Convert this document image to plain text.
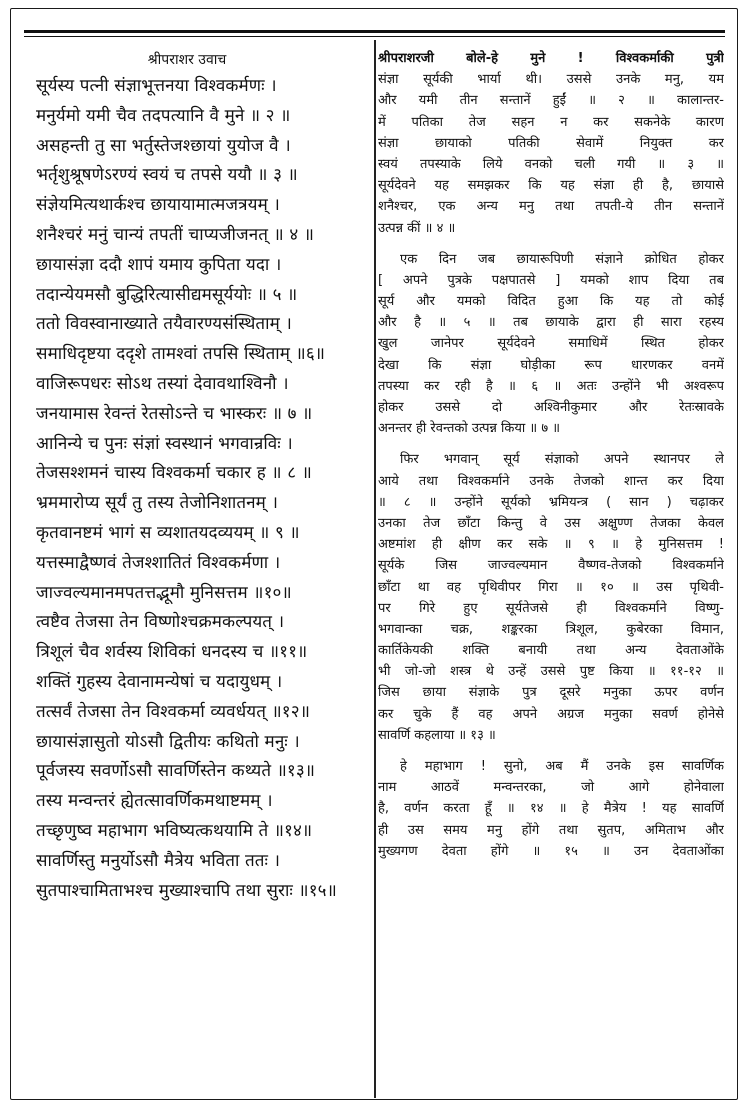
श्रीपराशर उवाच
सूर्यस्य पत्नी संज्ञाभूत्तनया विश्वकर्मणः ।
मनुर्यमो यमी चैव तदपत्यानि वै मुने ॥ २ ॥
असहन्ती तु सा भर्तुस्तेजश्छायां युयोज वै ।
भर्तृशुश्रूषणेऽरण्यं स्वयं च तपसे ययौ ॥ ३ ॥
संज्ञेयमित्यथार्कश्च छायायामात्मजत्रयम् ।
शनैश्चरं मनुं चान्यं तपतीं चाप्यजीजनत् ॥ ४ ॥
छायासंज्ञा ददौ शापं यमाय कुपिता यदा ।
तदान्येयमसौ बुद्धिरित्यासीद्यमसूर्ययोः ॥ ५ ॥
ततो विवस्वानाख्याते तयैवारण्यसंस्थिताम् ।
समाधिदृष्टया ददृशे तामश्वां तपसि स्थिताम् ॥६॥
वाजिरूपधरः सोऽथ तस्यां देवावथाश्विनौ ।
जनयामास रेवन्तं रेतसोऽन्ते च भास्करः ॥ ७ ॥
आनिन्ये च पुनः संज्ञां स्वस्थानं भगवान्रविः ।
तेजसश्शमनं चास्य विश्वकर्मा चकार ह ॥ ८ ॥
भ्रममारोप्य सूर्यं तु तस्य तेजोनिशातनम् ।
कृतवानष्टमं भागं स व्यशातयदव्ययम् ॥ ९ ॥
यत्तस्माद्वैष्णवं तेजश्शातितं विश्वकर्मणा ।
जाज्वल्यमानमपतत्तद्भूमौ मुनिसत्तम ॥१०॥
त्वष्टैव तेजसा तेन विष्णोश्चक्रमकल्पयत् ।
त्रिशूलं चैव शर्वस्य शिविकां धनदस्य च ॥११॥
शक्तिं गुहस्य देवानामन्येषां च यदायुधम् ।
तत्सर्वं तेजसा तेन विश्वकर्मा व्यवर्धयत् ॥१२॥
छायासंज्ञासुतो योऽसौ द्वितीयः कथितो मनुः ।
पूर्वजस्य सवर्णोऽसौ सावर्णिस्तेन कथ्यते ॥१३॥
तस्य मन्वन्तरं ह्येतत्सावर्णिकमथाष्टमम् ।
तच्छृणुष्व महाभाग भविष्यत्कथयामि ते ॥१४॥
सावर्णिस्तु मनुर्योऽसौ मैत्रेय भविता ततः ।
सुतपाश्चामिताभश्च मुख्याश्चापि तथा सुराः ॥१५॥
श्रीपराशरजी बोले-हे मुने ! विश्वकर्माकी पुत्री
संज्ञा सूर्यकी भार्या थी। उससे उनके मनु, यम
और यमी तीन सन्तानें हुईं ॥ २ ॥ कालान्तर-
में पतिका तेज सहन न कर सकनेके कारण
संज्ञा छायाको पतिकी सेवामें नियुक्त कर
स्वयं तपस्याके लिये वनको चली गयी ॥ ३ ॥
सूर्यदेवने यह समझकर कि यह संज्ञा ही है, छायासे
शनैश्चर, एक अन्य मनु तथा तपती-ये तीन सन्तानें
उत्पन्न कीं ॥ ४ ॥
एक दिन जब छायारूपिणी संज्ञाने क्रोधित होकर
[ अपने पुत्रके पक्षपातसे ] यमको शाप दिया तब
सूर्य और यमको विदित हुआ कि यह तो कोई
और है ॥ ५ ॥ तब छायाके द्वारा ही सारा रहस्य
खुल जानेपर सूर्यदेवने समाधिमें स्थित होकर
देखा कि संज्ञा घोड़ीका रूप धारणकर वनमें
तपस्या कर रही है ॥ ६ ॥ अतः उन्होंने भी अश्वरूप
होकर उससे दो अश्विनीकुमार और रेतःस्रावके
अनन्तर ही रेवन्तको उत्पन्न किया ॥ ७ ॥
फिर भगवान् सूर्य संज्ञाको अपने स्थानपर ले
आये तथा विश्वकर्माने उनके तेजको शान्त कर दिया
॥ ८ ॥ उन्होंने सूर्यको भ्रमियन्त्र ( सान ) चढ़ाकर
उनका तेज छाँटा किन्तु वे उस अक्षुण्ण तेजका केवल
अष्टमांश ही क्षीण कर सके ॥ ९ ॥ हे मुनिसत्तम !
सूर्यके जिस जाज्वल्यमान वैष्णव-तेजको विश्वकर्माने
छाँटा था वह पृथिवीपर गिरा ॥ १० ॥ उस पृथिवी-
पर गिरे हुए सूर्यतेजसे ही विश्वकर्माने विष्णु-
भगवान्का चक्र, शङ्करका त्रिशूल, कुबेरका विमान,
कार्तिकेयकी शक्ति बनायी तथा अन्य देवताओंके
भी जो-जो शस्त्र थे उन्हें उससे पुष्ट किया ॥ ११-१२ ॥
जिस छाया संज्ञाके पुत्र दूसरे मनुका ऊपर वर्णन
कर चुके हैं वह अपने अग्रज मनुका सवर्ण होनेसे
सावर्णि कहलाया ॥ १३ ॥
हे महाभाग ! सुनो, अब मैं उनके इस सावर्णिक
नाम आठवें मन्वन्तरका, जो आगे होनेवाला
है, वर्णन करता हूँ ॥ १४ ॥ हे मैत्रेय ! यह सावर्णि
ही उस समय मनु होंगे तथा सुतप, अमिताभ और
मुख्यगण देवता होंगे ॥ १५ ॥ उन देवताओंका
